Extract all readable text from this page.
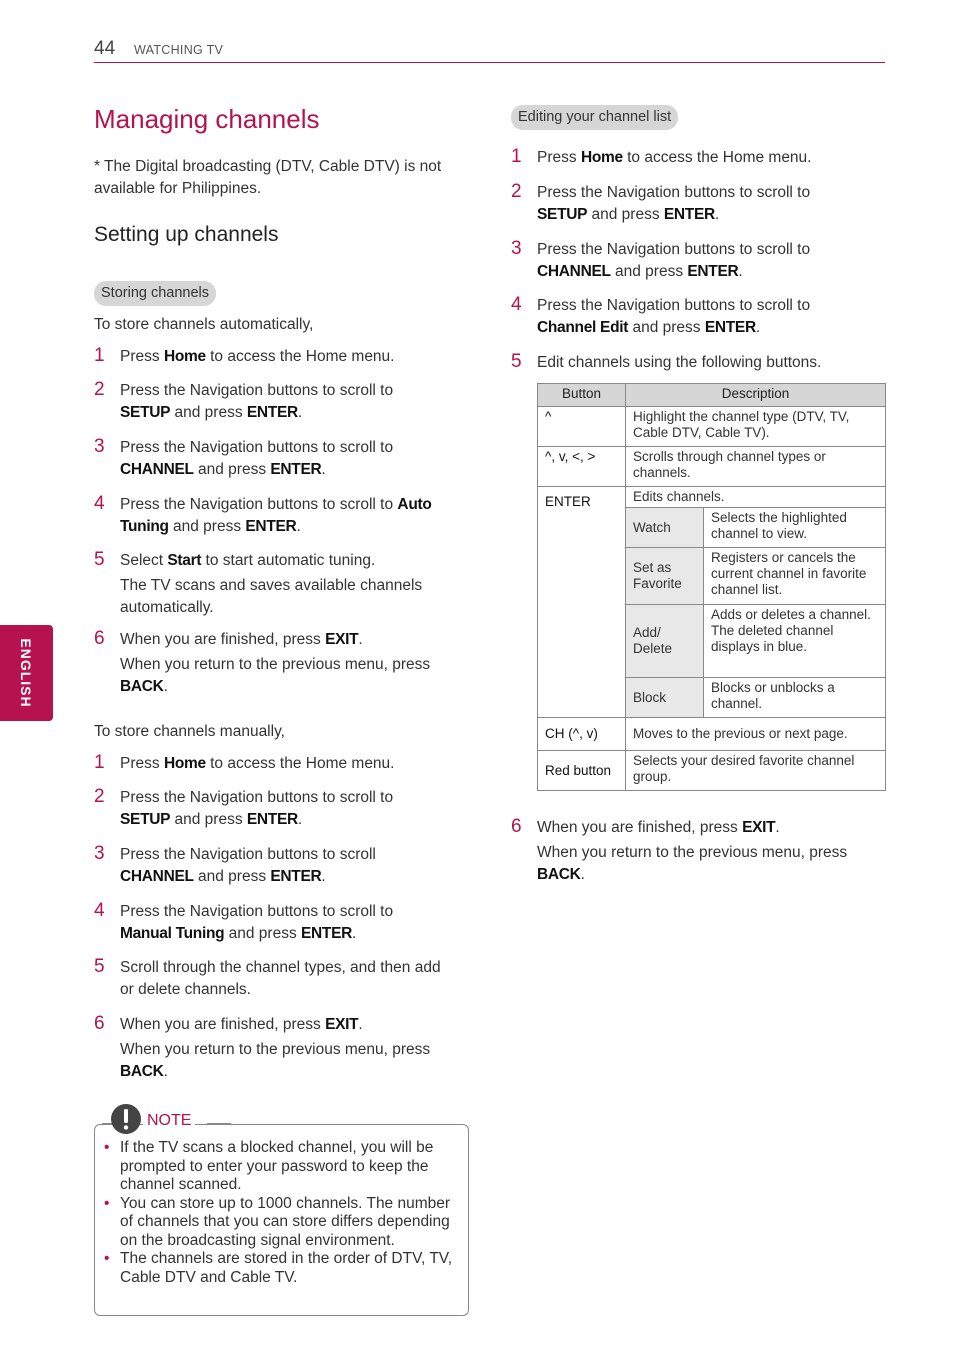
44 WATCHING TV
ENGLISH
Managing channels
* The Digital broadcasting (DTV, Cable DTV) is not available for Philippines.
Setting up channels
Storing channels
To store channels automatically,
1 Press Home to access the Home menu.
2 Press the Navigation buttons to scroll to
SETUP and press ENTER.
3 Press the Navigation buttons to scroll to
CHANNEL and press ENTER.
4 Press the Navigation buttons to scroll to Auto
Tuning and press ENTER.
5 Select Start to start automatic tuning.

The TV scans and saves available channels
automatically.
6 When you are finished, press EXIT.

When you return to the previous menu, press
BACK.
To store channels manually,
1 Press Home to access the Home menu.
2 Press the Navigation buttons to scroll to
SETUP and press ENTER.
3 Press the Navigation buttons to scroll
CHANNEL and press ENTER.
4 Press the Navigation buttons to scroll to
Manual Tuning and press ENTER.
5 Scroll through the channel types, and then add
or delete channels.
6 When you are finished, press EXIT.

When you return to the previous menu, press
BACK.
NOTE
• If the TV scans a blocked channel, you will be prompted to enter your password to keep the channel scanned.
• You can store up to 1000 channels. The number of channels that you can store differs depending on the broadcasting signal environment.
• The channels are stored in the order of DTV, TV, Cable DTV and Cable TV.
Editing your channel list
1 Press Home to access the Home menu.
2 Press the Navigation buttons to scroll to
SETUP and press ENTER.
3 Press the Navigation buttons to scroll to
CHANNEL and press ENTER.
4 Press the Navigation buttons to scroll to
Channel Edit and press ENTER.
5 Edit channels using the following buttons.
Button	Description	
^	Highlight the channel type (DTV, TV, Cable DTV, Cable TV).	
^, v, <, >	Scrolls through channel types or channels.	
ENTER	Edits channels.	
	Watch	Selects the highlighted channel to view.
	Set as Favorite	Registers or cancels the current channel in favorite channel list.
	Add/ Delete	Adds or deletes a channel. The deleted channel displays in blue.
	Block	Blocks or unblocks a channel.
CH (^, v)	Moves to the previous or next page.	
Red button	Selects your desired favorite channel group.	
6 When you are finished, press EXIT.

When you return to the previous menu, press
BACK.
